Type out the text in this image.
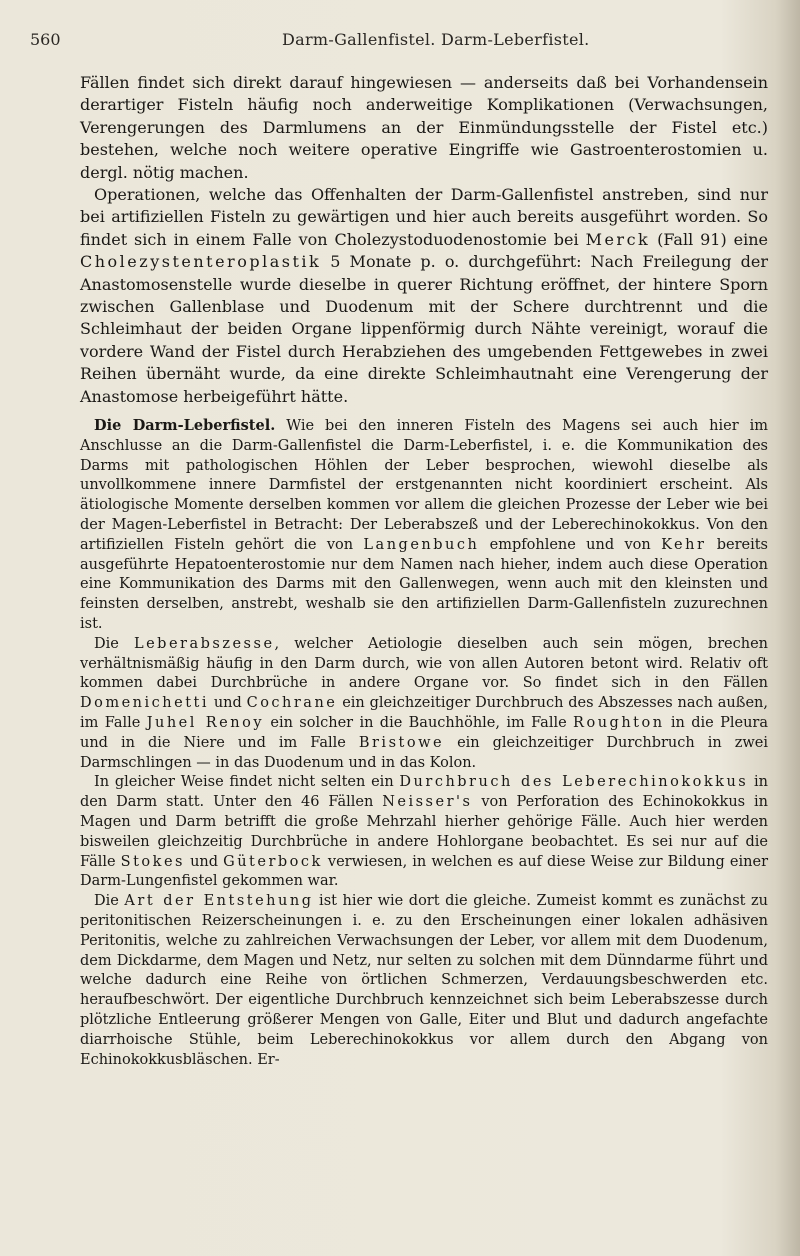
560	Darm-Gallenfistel. Darm-Leberfistel.

Fällen findet sich direkt darauf hingewiesen — anderseits daß bei Vorhandensein derartiger Fisteln häufig noch anderweitige Komplikationen (Verwachsungen, Verengerungen des Darmlumens an der Einmündungsstelle der Fistel etc.) bestehen, welche noch weitere operative Eingriffe wie Gastroenterostomien u. dergl. nötig machen.

Operationen, welche das Offenhalten der Darm-Gallenfistel anstreben, sind nur bei artifiziellen Fisteln zu gewärtigen und hier auch bereits ausgeführt worden. So findet sich in einem Falle von Cholezystoduodenostomie bei Merck (Fall 91) eine Cholezystenteroplastik 5 Monate p. o. durchgeführt: Nach Freilegung der Anastomosenstelle wurde dieselbe in querer Richtung eröffnet, der hintere Sporn zwischen Gallenblase und Duodenum mit der Schere durchtrennt und die Schleimhaut der beiden Organe lippenförmig durch Nähte vereinigt, worauf die vordere Wand der Fistel durch Herabziehen des umgebenden Fettgewebes in zwei Reihen übernäht wurde, da eine direkte Schleimhautnaht eine Verengerung der Anastomose herbeigeführt hätte.

Die Darm-Leberfistel. Wie bei den inneren Fisteln des Magens sei auch hier im Anschlusse an die Darm-Gallenfistel die Darm-Leberfistel, i. e. die Kommunikation des Darms mit pathologischen Höhlen der Leber besprochen, wiewohl dieselbe als unvollkommene innere Darmfistel der erstgenannten nicht koordiniert erscheint. Als ätiologische Momente derselben kommen vor allem die gleichen Prozesse der Leber wie bei der Magen-Leberfistel in Betracht: Der Leberabszeß und der Leberechinokokkus. Von den artifiziellen Fisteln gehört die von Langenbuch empfohlene und von Kehr bereits ausgeführte Hepatoenterostomie nur dem Namen nach hieher, indem auch diese Operation eine Kommunikation des Darms mit den Gallenwegen, wenn auch mit den kleinsten und feinsten derselben, anstrebt, weshalb sie den artifiziellen Darm-Gallenfisteln zuzurechnen ist.

Die Leberabszesse, welcher Aetiologie dieselben auch sein mögen, brechen verhältnismäßig häufig in den Darm durch, wie von allen Autoren betont wird. Relativ oft kommen dabei Durchbrüche in andere Organe vor. So findet sich in den Fällen Domenichetti und Cochrane ein gleichzeitiger Durchbruch des Abszesses nach außen, im Falle Juhel Renoy ein solcher in die Bauchhöhle, im Falle Roughton in die Pleura und in die Niere und im Falle Bristowe ein gleichzeitiger Durchbruch in zwei Darmschlingen — in das Duodenum und in das Kolon.

In gleicher Weise findet nicht selten ein Durchbruch des Leberechinokokkus in den Darm statt. Unter den 46 Fällen Neisser's von Perforation des Echinokokkus in Magen und Darm betrifft die große Mehrzahl hierher gehörige Fälle. Auch hier werden bisweilen gleichzeitig Durchbrüche in andere Hohlorgane beobachtet. Es sei nur auf die Fälle Stokes und Güterbock verwiesen, in welchen es auf diese Weise zur Bildung einer Darm-Lungenfistel gekommen war.

Die Art der Entstehung ist hier wie dort die gleiche. Zumeist kommt es zunächst zu peritonitischen Reizerscheinungen i. e. zu den Erscheinungen einer lokalen adhäsiven Peritonitis, welche zu zahlreichen Verwachsungen der Leber, vor allem mit dem Duodenum, dem Dickdarme, dem Magen und Netz, nur selten zu solchen mit dem Dünndarme führt und welche dadurch eine Reihe von örtlichen Schmerzen, Verdauungsbeschwerden etc. heraufbeschwört. Der eigentliche Durchbruch kennzeichnet sich beim Leberabszesse durch plötzliche Entleerung größerer Mengen von Galle, Eiter und Blut und dadurch angefachte diarrhoische Stühle, beim Leberechinokokkus vor allem durch den Abgang von Echinokokkusbläschen. Er-
